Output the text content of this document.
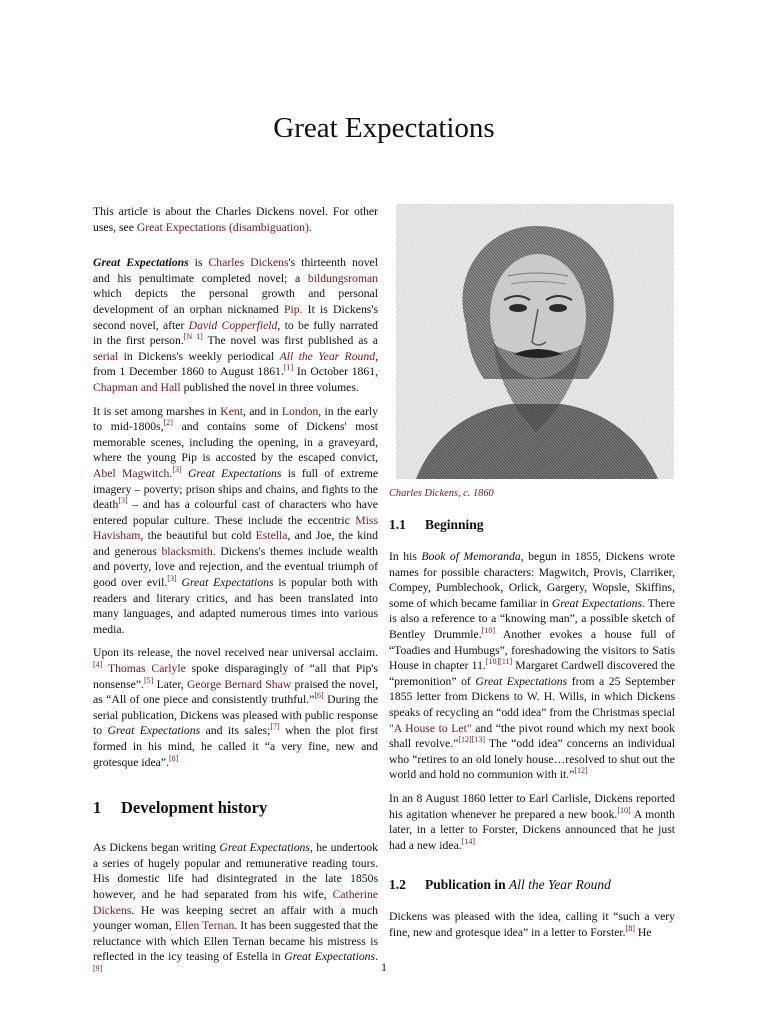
Great Expectations

This article is about the Charles Dickens novel. For other uses, see Great Expectations (disambiguation).

Great Expectations is Charles Dickens's thirteenth novel and his penultimate completed novel; a bildungsroman which depicts the personal growth and personal development of an orphan nicknamed Pip. It is Dickens's second novel, after David Copperfield, to be fully narrated in the first person.[N 1] The novel was first published as a serial in Dickens's weekly periodical All the Year Round, from 1 December 1860 to August 1861.[1] In October 1861, Chapman and Hall published the novel in three volumes.

It is set among marshes in Kent, and in London, in the early to mid-1800s,[2] and contains some of Dickens' most memorable scenes, including the opening, in a graveyard, where the young Pip is accosted by the escaped convict, Abel Magwitch.[3] Great Expectations is full of extreme imagery – poverty; prison ships and chains, and fights to the death[3] – and has a colourful cast of characters who have entered popular culture. These include the eccentric Miss Havisham, the beautiful but cold Estella, and Joe, the kind and generous blacksmith. Dickens's themes include wealth and poverty, love and rejection, and the eventual triumph of good over evil.[3] Great Expectations is popular both with readers and literary critics, and has been translated into many languages, and adapted numerous times into various media.

Upon its release, the novel received near universal acclaim.[4] Thomas Carlyle spoke disparagingly of “all that Pip's nonsense”.[5] Later, George Bernard Shaw praised the novel, as “All of one piece and consistently truthful.”[6] During the serial publication, Dickens was pleased with public response to Great Expectations and its sales;[7] when the plot first formed in his mind, he called it “a very fine, new and grotesque idea”.[8]

1 Development history

As Dickens began writing Great Expectations, he undertook a series of hugely popular and remunerative reading tours. His domestic life had disintegrated in the late 1850s however, and he had separated from his wife, Catherine Dickens. He was keeping secret an affair with a much younger woman, Ellen Ternan. It has been suggested that the reluctance with which Ellen Ternan became his mistress is reflected in the icy teasing of Estella in Great Expectations.[9]

Charles Dickens, c. 1860
1.1 Beginning

In his Book of Memoranda, begun in 1855, Dickens wrote names for possible characters: Magwitch, Provis, Clarriker, Compey, Pumblechook, Orlick, Gargery, Wopsle, Skiffins, some of which became familiar in Great Expectations. There is also a reference to a “knowing man”, a possible sketch of Bentley Drummle.[10] Another evokes a house full of “Toadies and Humbugs”, foreshadowing the visitors to Satis House in chapter 11.[10][11] Margaret Cardwell discovered the “premonition” of Great Expectations from a 25 September 1855 letter from Dickens to W. H. Wills, in which Dickens speaks of recycling an “odd idea” from the Christmas special "A House to Let" and “the pivot round which my next book shall revolve.”[12][13] The “odd idea” concerns an individual who “retires to an old lonely house…resolved to shut out the world and hold no communion with it.”[12]

In an 8 August 1860 letter to Earl Carlisle, Dickens reported his agitation whenever he prepared a new book.[10] A month later, in a letter to Forster, Dickens announced that he just had a new idea.[14]

1.2 Publication in All the Year Round

Dickens was pleased with the idea, calling it “such a very fine, new and grotesque idea” in a letter to Forster.[8] He

1
